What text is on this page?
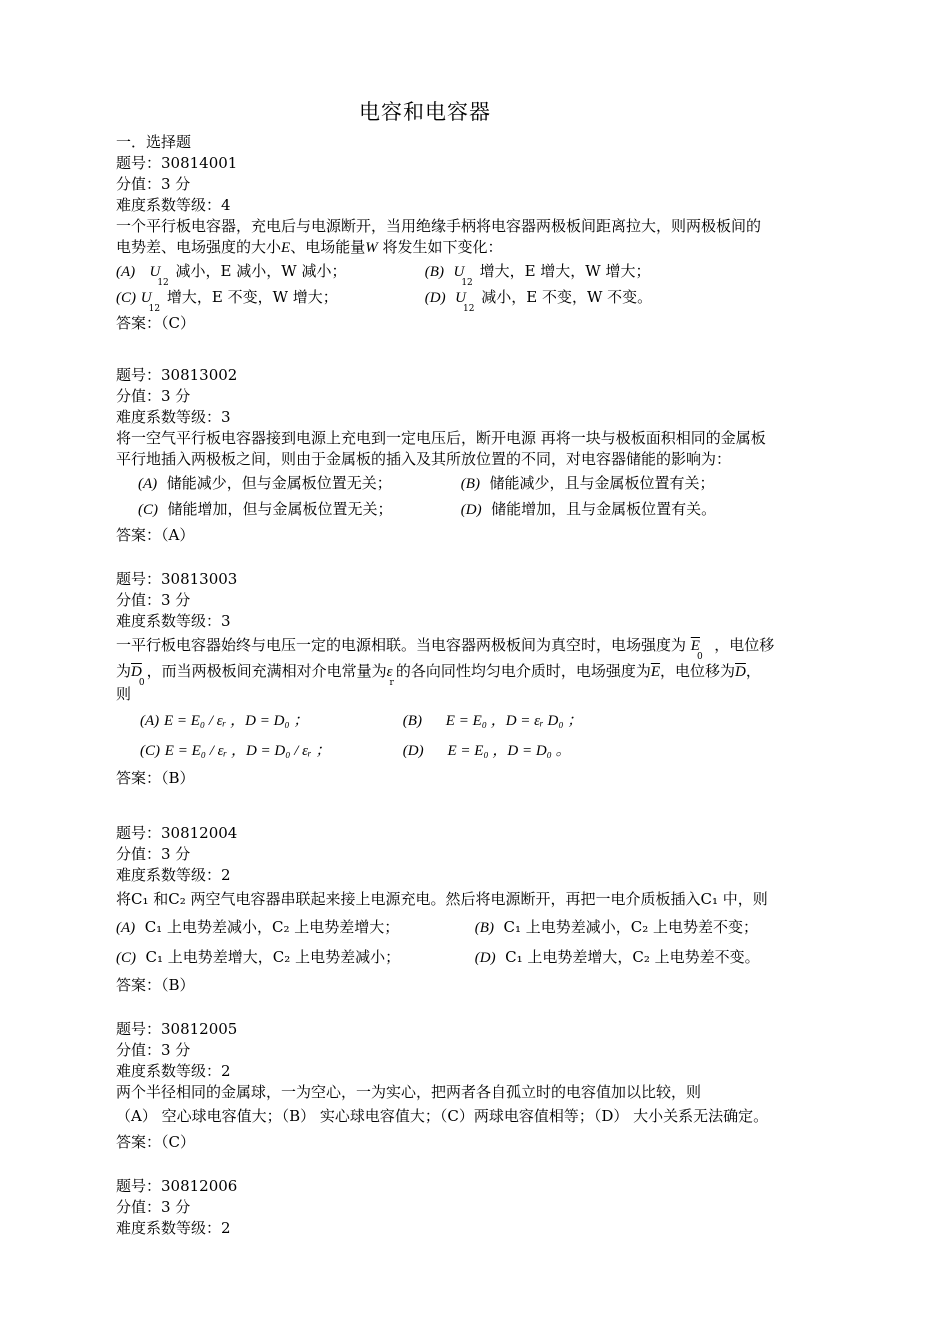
电容和电容器
一．选择题
题号：30814001
分值：3 分
难度系数等级：4
一个平行板电容器，充电后与电源断开，当用绝缘手柄将电容器两极板间距离拉大，则两极板间的
电势差、电场强度的大小E、电场能量W 将发生如下变化：
(A) $U_{12}$ 减小，E 减小，W 减小；	(B) $U_{12}$ 增大，E 增大，W 增大；
(C) $U_{12}$ 增大，E 不变，W 增大；	(D) $U_{12}$ 减小，E 不变，W 不变。
答案：（C）
题号：30813002
分值：3 分
难度系数等级：3
将一空气平行板电容器接到电源上充电到一定电压后，断开电源 再将一块与极板面积相同的金属板
平行地插入两极板之间，则由于金属板的插入及其所放位置的不同，对电容器储能的影响为：
(A) 储能减少，但与金属板位置无关；	(B) 储能减少，且与金属板位置有关；
(C) 储能增加，但与金属板位置无关；	(D) 储能增加，且与金属板位置有关。
答案：（A）
题号：30813003
分值：3 分
难度系数等级：3
一平行板电容器始终与电压一定的电源相联。当电容器两极板间为真空时，电场强度为 $\overline{E}_0$  ，电位移
为$\overline{D}_0$，而当两极板间充满相对介电常量为$\varepsilon_r$的各向同性均匀电介质时，电场强度为$\overline{E}$，电位移为$\overline{D}$，
则
(A) E = E₀ / εᵣ ，D = D₀ ；	(B) E = E₀ ，D = εᵣ D₀ ；
(C) E = E₀ / εᵣ ，D = D₀ / εᵣ ；	(D) E = E₀ ，D = D₀ 。
答案：（B）
题号：30812004
分值：3 分
难度系数等级：2
将C₁ 和C₂ 两空气电容器串联起来接上电源充电。然后将电源断开，再把一电介质板插入C₁ 中，则
(A) C₁ 上电势差减小，C₂ 上电势差增大；	(B) C₁ 上电势差减小，C₂ 上电势差不变；
(C) C₁ 上电势差增大，C₂ 上电势差减小；	(D) C₁ 上电势差增大，C₂ 上电势差不变。
答案：（B）
题号：30812005
分值：3 分
难度系数等级：2
两个半径相同的金属球，一为空心，一为实心，把两者各自孤立时的电容值加以比较，则
（A） 空心球电容值大；（B） 实心球电容值大；（C）两球电容值相等；（D） 大小关系无法确定。
答案：（C）
题号：30812006
分值：3 分
难度系数等级：2
